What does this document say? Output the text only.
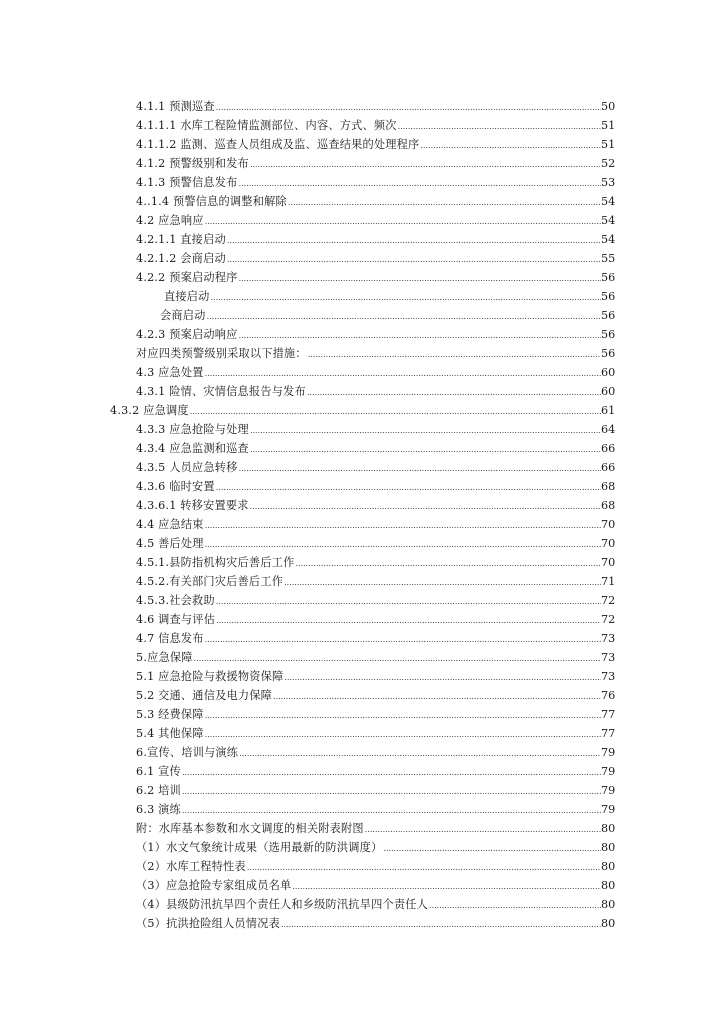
4.1.1 预测巡查 .....	50
4.1.1.1 水库工程险情监测部位、内容、方式、频次 .....	51
4.1.1.2 监测、巡查人员组成及监、巡查结果的处理程序 .....	51
4.1.2 预警级别和发布 .....	52
4.1.3 预警信息发布 .....	53
4..1.4 预警信息的调整和解除 .....	54
4.2 应急响应 .....	54
4.2.1.1 直接启动 .....	54
4.2.1.2 会商启动 .....	55
4.2.2 预案启动程序 .....	56
直接启动 .....	56
会商启动 .....	56
4.2.3 预案启动响应 .....	56
对应四类预警级别采取以下措施： .....	56
4.3 应急处置 .....	60
4.3.1 险情、灾情信息报告与发布 .....	60
4.3.2 应急调度 .....	61
4.3.3 应急抢险与处理 .....	64
4.3.4 应急监测和巡查 .....	66
4.3.5 人员应急转移 .....	66
4.3.6 临时安置 .....	68
4.3.6.1 转移安置要求 .....	68
4.4 应急结束 .....	70
4.5 善后处理 .....	70
4.5.1.县防指机构灾后善后工作 .....	70
4.5.2.有关部门灾后善后工作 .....	71
4.5.3.社会救助 .....	72
4.6 调查与评估 .....	72
4.7 信息发布 .....	73
5.应急保障 .....	73
5.1 应急抢险与救援物资保障 .....	73
5.2 交通、通信及电力保障 .....	76
5.3 经费保障 .....	77
5.4 其他保障 .....	77
6.宣传、培训与演练 .....	79
6.1 宣传 .....	79
6.2 培训 .....	79
6.3 演练 .....	79
附：水库基本参数和水文调度的相关附表附图 .....	80
（1）水文气象统计成果（选用最新的防洪调度） .....	80
（2）水库工程特性表 .....	80
（3）应急抢险专家组成员名单 .....	80
（4）县级防汛抗旱四个责任人和乡级防汛抗旱四个责任人 .....	80
（5）抗洪抢险组人员情况表 .....	80
